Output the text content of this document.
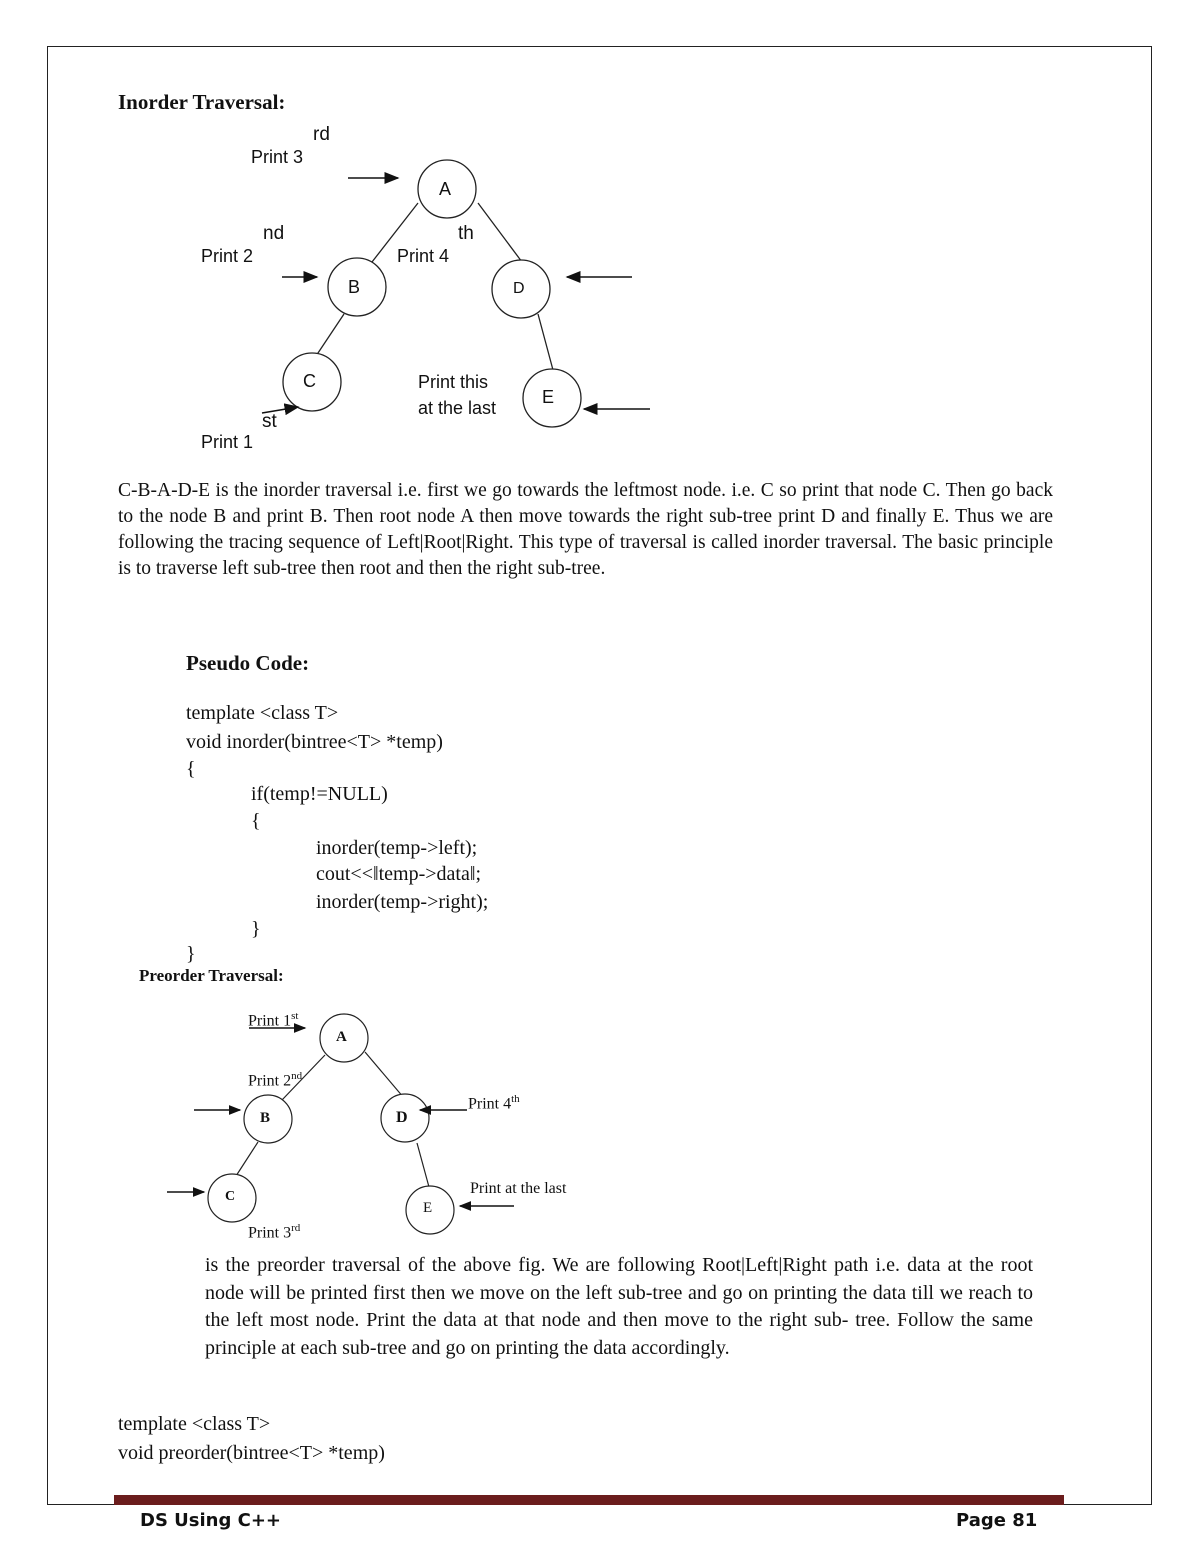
Inorder Traversal:
A
B
C
D
E
Print 3
rd
Print 2
nd
Print 4
th
Print 1
st
Print this
at the last
C-B-A-D-E is the inorder traversal i.e. first we go towards the leftmost node. i.e. C so print that node C. Then go back to the node B and print B. Then root node A then move towards the right sub-tree print D and finally E. Thus we are following the tracing sequence of Left|Root|Right. This type of traversal is called inorder traversal. The basic principle is to traverse left sub-tree then root and then the right sub-tree.
Pseudo Code:
template <class T>
void inorder(bintree<T> *temp)
{
if(temp!=NULL)
{
inorder(temp->left);
cout<<‖temp->data‖;
inorder(temp->right);
}
}
Preorder Traversal:
A
B
C
D
E
Print 1st
Print 2nd
Print 3rd
Print 4th
Print at the last
is the preorder traversal of the above fig. We are following Root|Left|Right path i.e. data at the root node will be printed first then we move on the left sub-tree and go on printing the data till we reach to the left most node. Print the data at that node and then move to the right sub- tree. Follow the same principle at each sub-tree and go on printing the data accordingly.
template <class T>
void preorder(bintree<T> *temp)
DS Using C++	Page 81
